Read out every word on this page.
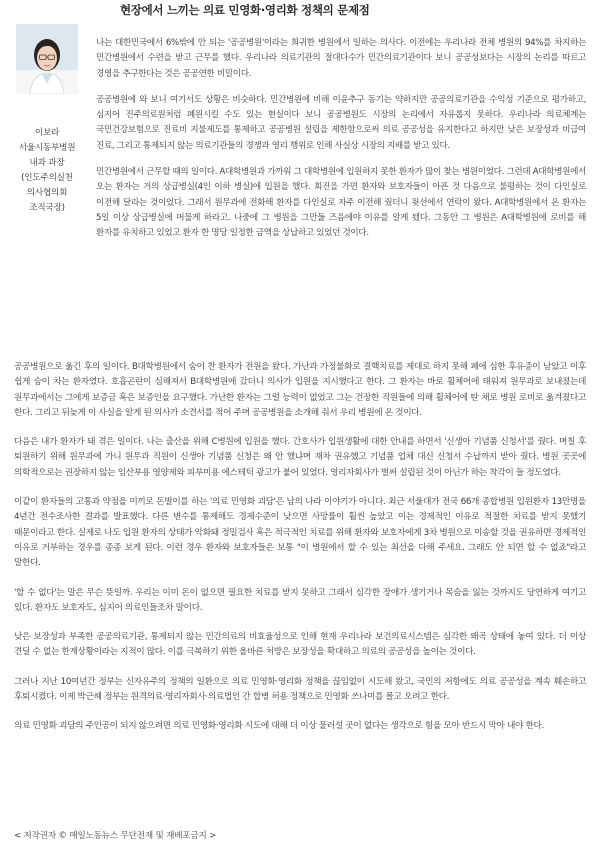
현장에서 느끼는 의료 민영화·영리화 정책의 문제점
이보라
서울시동부병원
내과 과장
(인도주의실천
의사협의회
조직국장)

나는 대한민국에서 6%밖에 안 되는 '공공병원'이라는 희귀한 병원에서 일하는 의사다. 이전에는 우리나라 전체 병원의 94%를 차지하는 민간병원에서 수련을 받고 근무를 했다. 우리나라 의료기관의 절대다수가 민간의료기관이다 보니 공공성보다는 시장의 논리를 따르고 경영을 추구한다는 것은 공공연한 비밀이다.

공공병원에 와 보니 여기서도 상황은 비슷하다. 민간병원에 비해 이윤추구 동기는 약하지만 공공의료기관을 수익성 기준으로 평가하고, 심지어 진주의료원처럼 폐원시킬 수도 있는 현실이다 보니 공공병원도 시장의 논리에서 자유롭지 못하다. 우리나라 의료체계는 국민건강보험으로 진료비 지불제도를 통제하고 공공병원 설립을 제한함으로써 의료 공공성을 유지한다고 하지만 낮은 보장성과 비급여 진료, 그리고 통제되지 않는 의료기관들의 경쟁과 영리 행위로 인해 사실상 시장의 지배를 받고 있다.

민간병원에서 근무할 때의 일이다. A대학병원과 가까워 그 대학병원에 입원하지 못한 환자가 많이 찾는 병원이었다. 그런데 A대학병원에서 오는 환자는 거의 상급병실(4인 이하 병실)에 입원을 했다. 회진을 가면 환자와 보호자들이 아픈 것 다음으로 불평하는 것이 다인실로 이전해 달라는 것이었다. 그래서 원무과에 전화해 환자를 다인실로 자주 이전해 줬더니 윗선에서 연락이 왔다. A대학병원에서 온 환자는 5일 이상 상급병실에 머물게 하라고. 나중에 그 병원을 그만둘 즈음에야 이유를 알게 됐다. 그동안 그 병원은 A대학병원에 로비를 해 환자를 유치하고 있었고 환자 한 명당 일정한 금액을 상납하고 있었던 것이다.

공공병원으로 옮긴 후의 일이다. B대학병원에서 숨이 찬 환자가 전원을 왔다. 가난과 가정불화로 결핵치료를 제대로 하지 못해 폐에 심한 후유증이 남았고 이후 쉽게 숨이 차는 환자였다. 호흡곤란이 심해져서 B대학병원에 갔더니 의사가 입원을 지시했다고 한다. 그 환자는 바로 휠체어에 태워져 원무과로 보내졌는데 원무과에서는 그에게 보증금 혹은 보증인을 요구했다. 가난한 환자는 그럴 능력이 없었고 그는 건장한 직원들에 의해 휠체어에 탄 채로 병원 로비로 옮겨졌다고 한다. 그리고 뒤늦게 이 사실을 알게 된 의사가 소견서를 적어 주며 공공병원을 소개해 줘서 우리 병원에 온 것이다.

다음은 내가 환자가 돼 겪은 일이다. 나는 출산을 위해 C병원에 입원을 했다. 간호사가 입원생활에 대한 안내를 하면서 '신생아 기념품 신청서'를 줬다. 며칠 후 퇴원하기 위해 원무과에 가니 원무과 직원이 신생아 기념품 신청은 왜 안 했냐며 재차 권유했고 기념품 업체 대신 신청서 수납까지 받아 줬다. 병원 곳곳에 의학적으로는 권장하지 않는 임산부용 영양제와 피부미용 에스테틱 광고가 붙어 있었다. 영리자회사가 벌써 설립된 것이 아닌가 하는 착각이 들 정도였다.

이같이 환자들의 고통과 약점을 미끼로 돈벌이를 하는 '의료 민영화 괴담'은 남의 나라 이야기가 아니다. 최근 서울대가 전국 66개 종합병원 입원환자 13만명을 4년간 전수조사한 결과를 발표했다. 다른 변수를 통제해도 경제수준이 낮으면 사망률이 훨씬 높았고 이는 경제적인 이유로 적절한 치료를 받지 못했기 때문이라고 한다. 실제로 나도 입원 환자의 상태가 악화돼 정밀검사 혹은 적극적인 치료를 위해 환자와 보호자에게 3차 병원으로 이송할 것을 권유하면 경제적인 이유로 거부하는 경우를 종종 보게 된다. 이런 경우 환자와 보호자들은 보통 "이 병원에서 할 수 있는 최선을 다해 주세요. 그래도 안 되면 할 수 없죠"라고 말한다.

'할 수 없다'는 말은 무슨 뜻일까. 우리는 이미 돈이 없으면 필요한 치료를 받지 못하고 그래서 심각한 장애가 생기거나 목숨을 잃는 것까지도 당연하게 여기고 있다. 환자도 보호자도, 심지어 의료인들조차 말이다.

낮은 보장성과 부족한 공공의료기관, 통제되지 않는 민간의료의 비효율성으로 인해 현재 우리나라 보건의료시스템은 심각한 왜곡 상태에 놓여 있다. 더 이상 견딜 수 없는 한계상황이라는 지적이 많다. 이를 극복하기 위한 올바른 처방은 보장성을 확대하고 의료의 공공성을 높이는 것이다.

그러나 지난 10여년간 정부는 신자유주의 정책의 일환으로 의료 민영화·영리화 정책을 끊임없이 시도해 왔고, 국민의 저항에도 의료 공공성을 계속 훼손하고 후퇴시켰다. 이제 박근혜 정부는 원격의료·영리자회사·의료법인 간 합병 허용 정책으로 민영화 쓰나미를 몰고 오려고 한다.

의료 민영화 괴담의 주인공이 되지 않으려면 의료 민영화·영리화 시도에 대해 더 이상 물러설 곳이 없다는 생각으로 힘을 모아 반드시 막아 내야 한다.

< 저작권자 © 매일노동뉴스 무단전재 및 재배포금지 >
